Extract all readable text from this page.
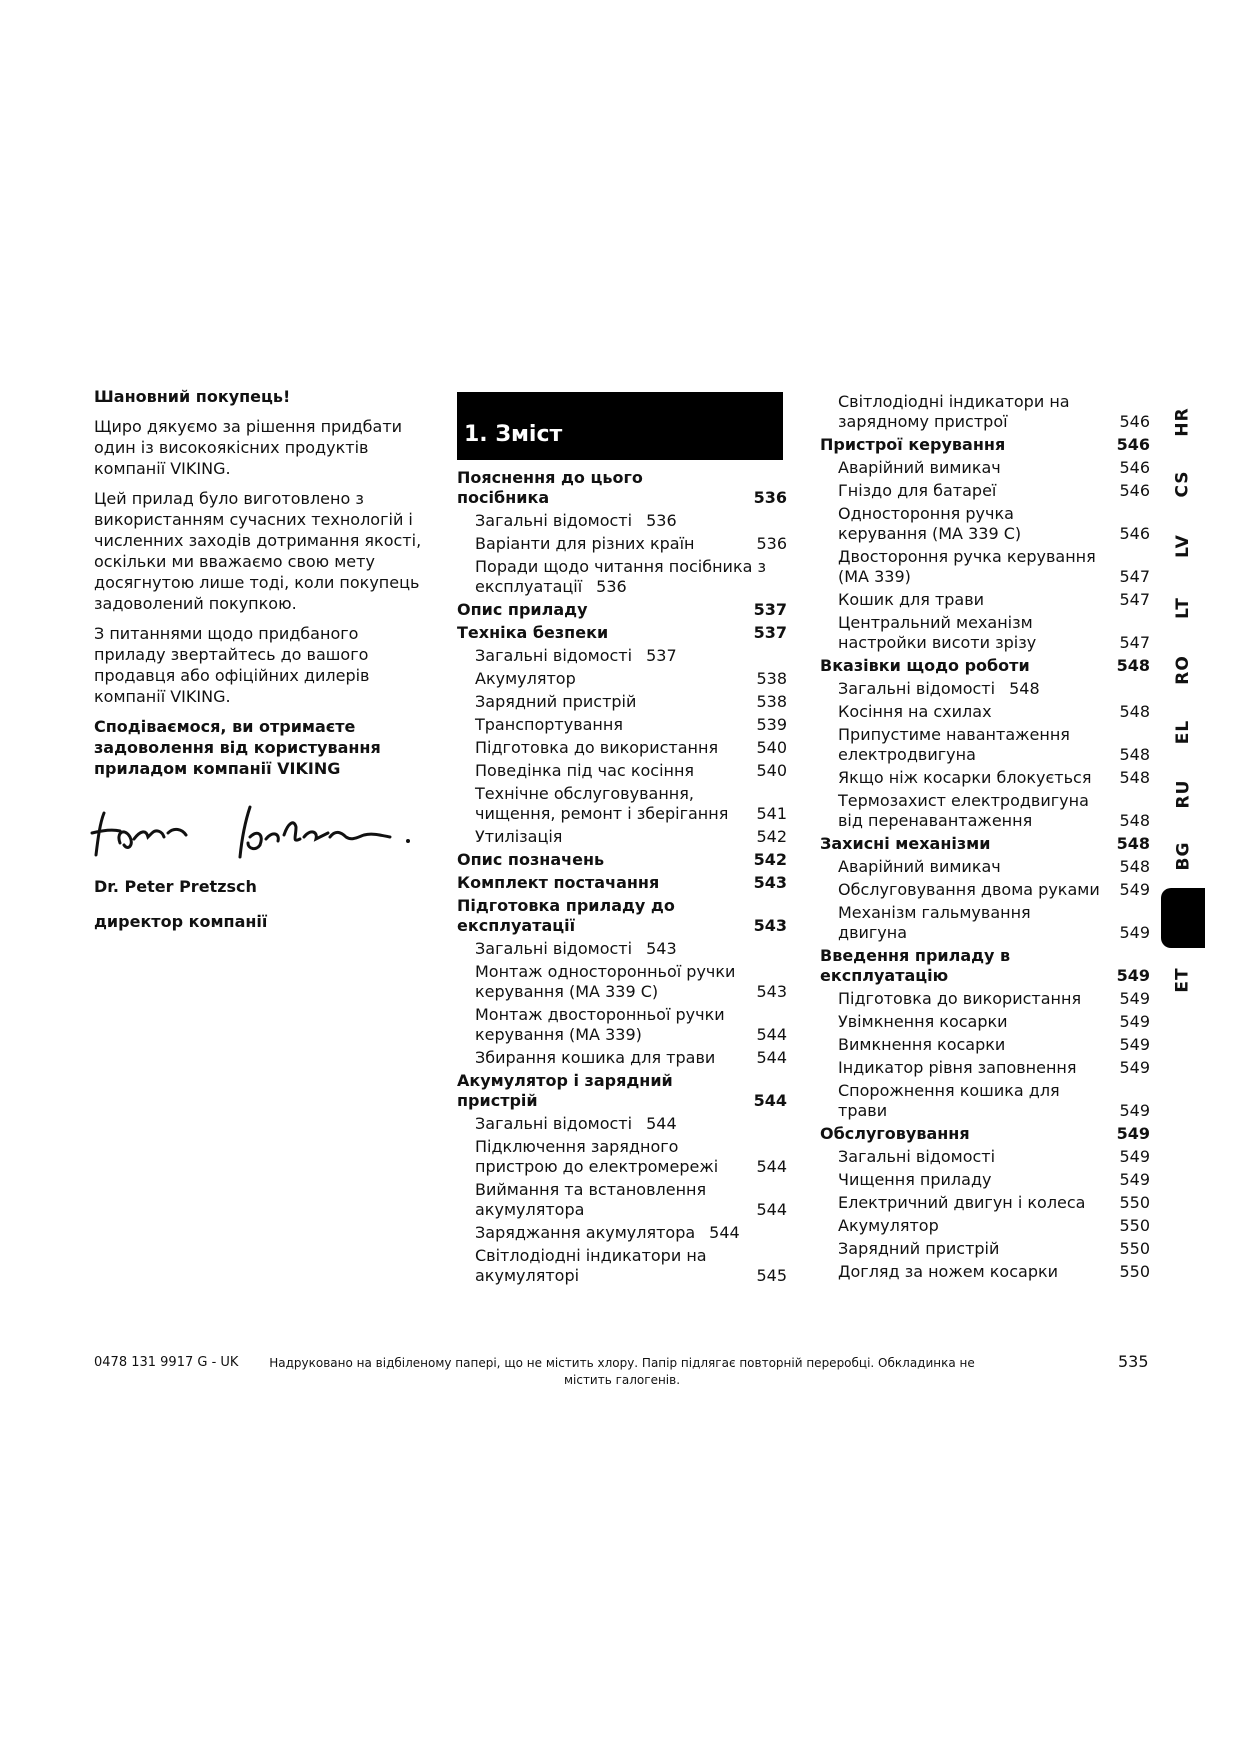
Шановний покупець!

Щиро дякуємо за рішення придбати один із високоякісних продуктів компанії VIKING.

Цей прилад було виготовлено з використанням сучасних технологій і численних заходів дотримання якості, оскільки ми вважаємо свою мету досягнутою лише тоді, коли покупець задоволений покупкою.

З питаннями щодо придбаного приладу звертайтесь до вашого продавця або офіційних дилерів компанії VIKING.

Сподіваємося, ви отримаєте задоволення від користування приладом компанії VIKING

Dr. Peter Pretzsch
директор компанії
1. Зміст
Пояснення до цього посібника	536
Загальні відомості 536
Варіанти для різних країн	536
Поради щодо читання посібника з експлуатації 536
Опис приладу	537
Техніка безпеки	537
Загальні відомості 537
Акумулятор	538
Зарядний пристрій	538
Транспортування	539
Підготовка до використання	540
Поведінка під час косіння	540
Технічне обслуговування, чищення, ремонт і зберігання	541
Утилізація	542
Опис позначень	542
Комплект постачання	543
Підготовка приладу до експлуатації	543
Загальні відомості 543
Монтаж односторонньої ручки керування (MA 339 C)	543
Монтаж двосторонньої ручки керування (MA 339)	544
Збирання кошика для трави	544
Акумулятор і зарядний пристрій	544
Загальні відомості 544
Підключення зарядного пристрою до електромережі	544
Виймання та встановлення акумулятора	544
Заряджання акумулятора 544
Світлодіодні індикатори на акумуляторі	545
Світлодіодні індикатори на зарядному пристрої	546
Пристрої керування	546
Аварійний вимикач	546
Гніздо для батареї	546
Одностороння ручка керування (MA 339 C)	546
Двостороння ручка керування (MA 339)	547
Кошик для трави	547
Центральний механізм настройки висоти зрізу	547
Вказівки щодо роботи	548
Загальні відомості 548
Косіння на схилах	548
Припустиме навантаження електродвигуна	548
Якщо ніж косарки блокується	548
Термозахист електродвигуна від перенавантаження	548
Захисні механізми	548
Аварійний вимикач	548
Обслуговування двома руками	549
Механізм гальмування двигуна	549
Введення приладу в експлуатацію	549
Підготовка до використання	549
Увімкнення косарки	549
Вимкнення косарки	549
Індикатор рівня заповнення	549
Спорожнення кошика для трави	549
Обслуговування	549
Загальні відомості	549
Чищення приладу	549
Електричний двигун і колеса	550
Акумулятор	550
Зарядний пристрій	550
Догляд за ножем косарки	550
HR
CS
LV
LT
RO
EL
RU
BG
ET
0478 131 9917 G - UK	Надруковано на відбіленому папері, що не містить хлору. Папір підлягає повторній переробці. Обкладинка не містить галогенів.
535
